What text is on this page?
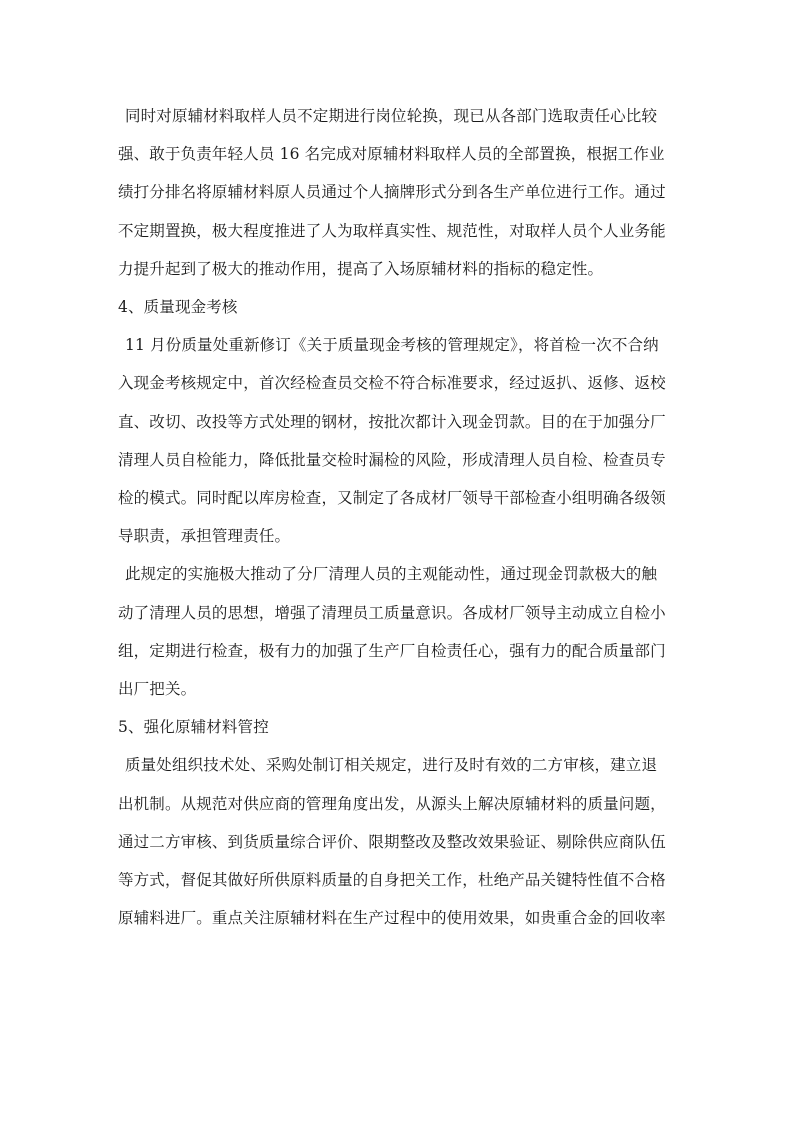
同时对原辅材料取样人员不定期进行岗位轮换，现已从各部门选取责任心比较
强、敢于负责年轻人员 16 名完成对原辅材料取样人员的全部置换，根据工作业
绩打分排名将原辅材料原人员通过个人摘牌形式分到各生产单位进行工作。通过
不定期置换，极大程度推进了人为取样真实性、规范性，对取样人员个人业务能
力提升起到了极大的推动作用，提高了入场原辅材料的指标的稳定性。
4、质量现金考核
11 月份质量处重新修订《关于质量现金考核的管理规定》，将首检一次不合纳
入现金考核规定中，首次经检查员交检不符合标准要求，经过返扒、返修、返校
直、改切、改投等方式处理的钢材，按批次都计入现金罚款。目的在于加强分厂
清理人员自检能力，降低批量交检时漏检的风险，形成清理人员自检、检查员专
检的模式。同时配以库房检查，又制定了各成材厂领导干部检查小组明确各级领
导职责，承担管理责任。
此规定的实施极大推动了分厂清理人员的主观能动性，通过现金罚款极大的触
动了清理人员的思想，增强了清理员工质量意识。各成材厂领导主动成立自检小
组，定期进行检查，极有力的加强了生产厂自检责任心，强有力的配合质量部门
出厂把关。
5、强化原辅材料管控
质量处组织技术处、采购处制订相关规定，进行及时有效的二方审核，建立退
出机制。从规范对供应商的管理角度出发，从源头上解决原辅材料的质量问题，
通过二方审核、到货质量综合评价、限期整改及整改效果验证、剔除供应商队伍
等方式，督促其做好所供原料质量的自身把关工作，杜绝产品关键特性值不合格
原辅料进厂。重点关注原辅材料在生产过程中的使用效果，如贵重合金的回收率
